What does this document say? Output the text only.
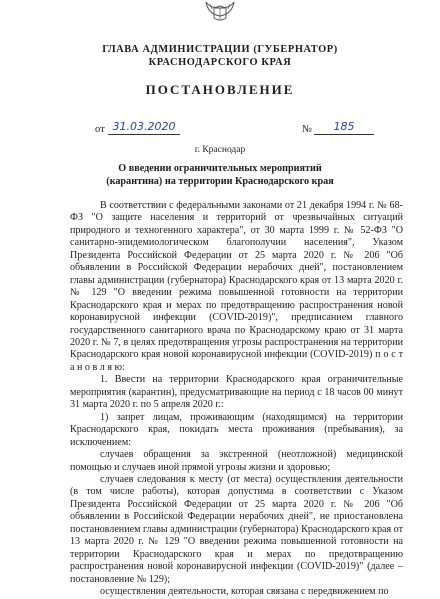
ГЛАВА АДМИНИСТРАЦИИ (ГУБЕРНАТОР)
КРАСНОДАРСКОГО КРАЯ
ПОСТАНОВЛЕНИЕ
от 31.03.2020	№	185
г. Краснодар
О введении ограничительных мероприятий
(карантина) на территории Краснодарского края

В соответствии с федеральными законами от 21 декабря 1994 г. № 68-ФЗ "О защите населения и территорий от чрезвычайных ситуаций природного и техногенного характера", от 30 марта 1999 г. № 52-ФЗ "О санитарно-эпидемиологическом благополучии населения", Указом Президента Российской Федерации от 25 марта 2020 г. № 206 "Об объявлении в Российской Федерации нерабочих дней", постановлением главы администрации (губернатора) Краснодарского края от 13 марта 2020 г. № 129 "О введении режима повышенной готовности на территории Краснодарского края и мерах по предотвращению распространения новой коронавирусной инфекции (COVID-2019)", предписанием главного государственного санитарного врача по Краснодарскому краю от 31 марта 2020 г. № 7, в целях предотвращения угрозы распространения на территории Краснодарского края новой коронавирусной инфекции (COVID-2019) п о с т а н о в л я ю:

1. Ввести на территории Краснодарского края ограничительные мероприятия (карантин), предусматривающие на период с 18 часов 00 минут 31 марта 2020 г. по 5 апреля 2020 г.:

1) запрет лицам, проживающим (находящимся) на территории Краснодарского края, покидать места проживания (пребывания), за исключением:

случаев обращения за экстренной (неотложной) медицинской помощью и случаев иной прямой угрозы жизни и здоровью;

случаев следования к месту (от места) осуществления деятельности (в том числе работы), которая допустима в соответствии с Указом Президента Российской Федерации от 25 марта 2020 г. № 206 "Об объявлении в Российской Федерации нерабочих дней", не приостановлена постановлением главы администрации (губернатора) Краснодарского края от 13 марта 2020 г. № 129 "О введении режима повышенной готовности на территории Краснодарского края и мерах по предотвращению распространения новой коронавирусной инфекции (COVID-2019)" (далее – постановление № 129);

осуществления деятельности, которая связана с передвижением по
